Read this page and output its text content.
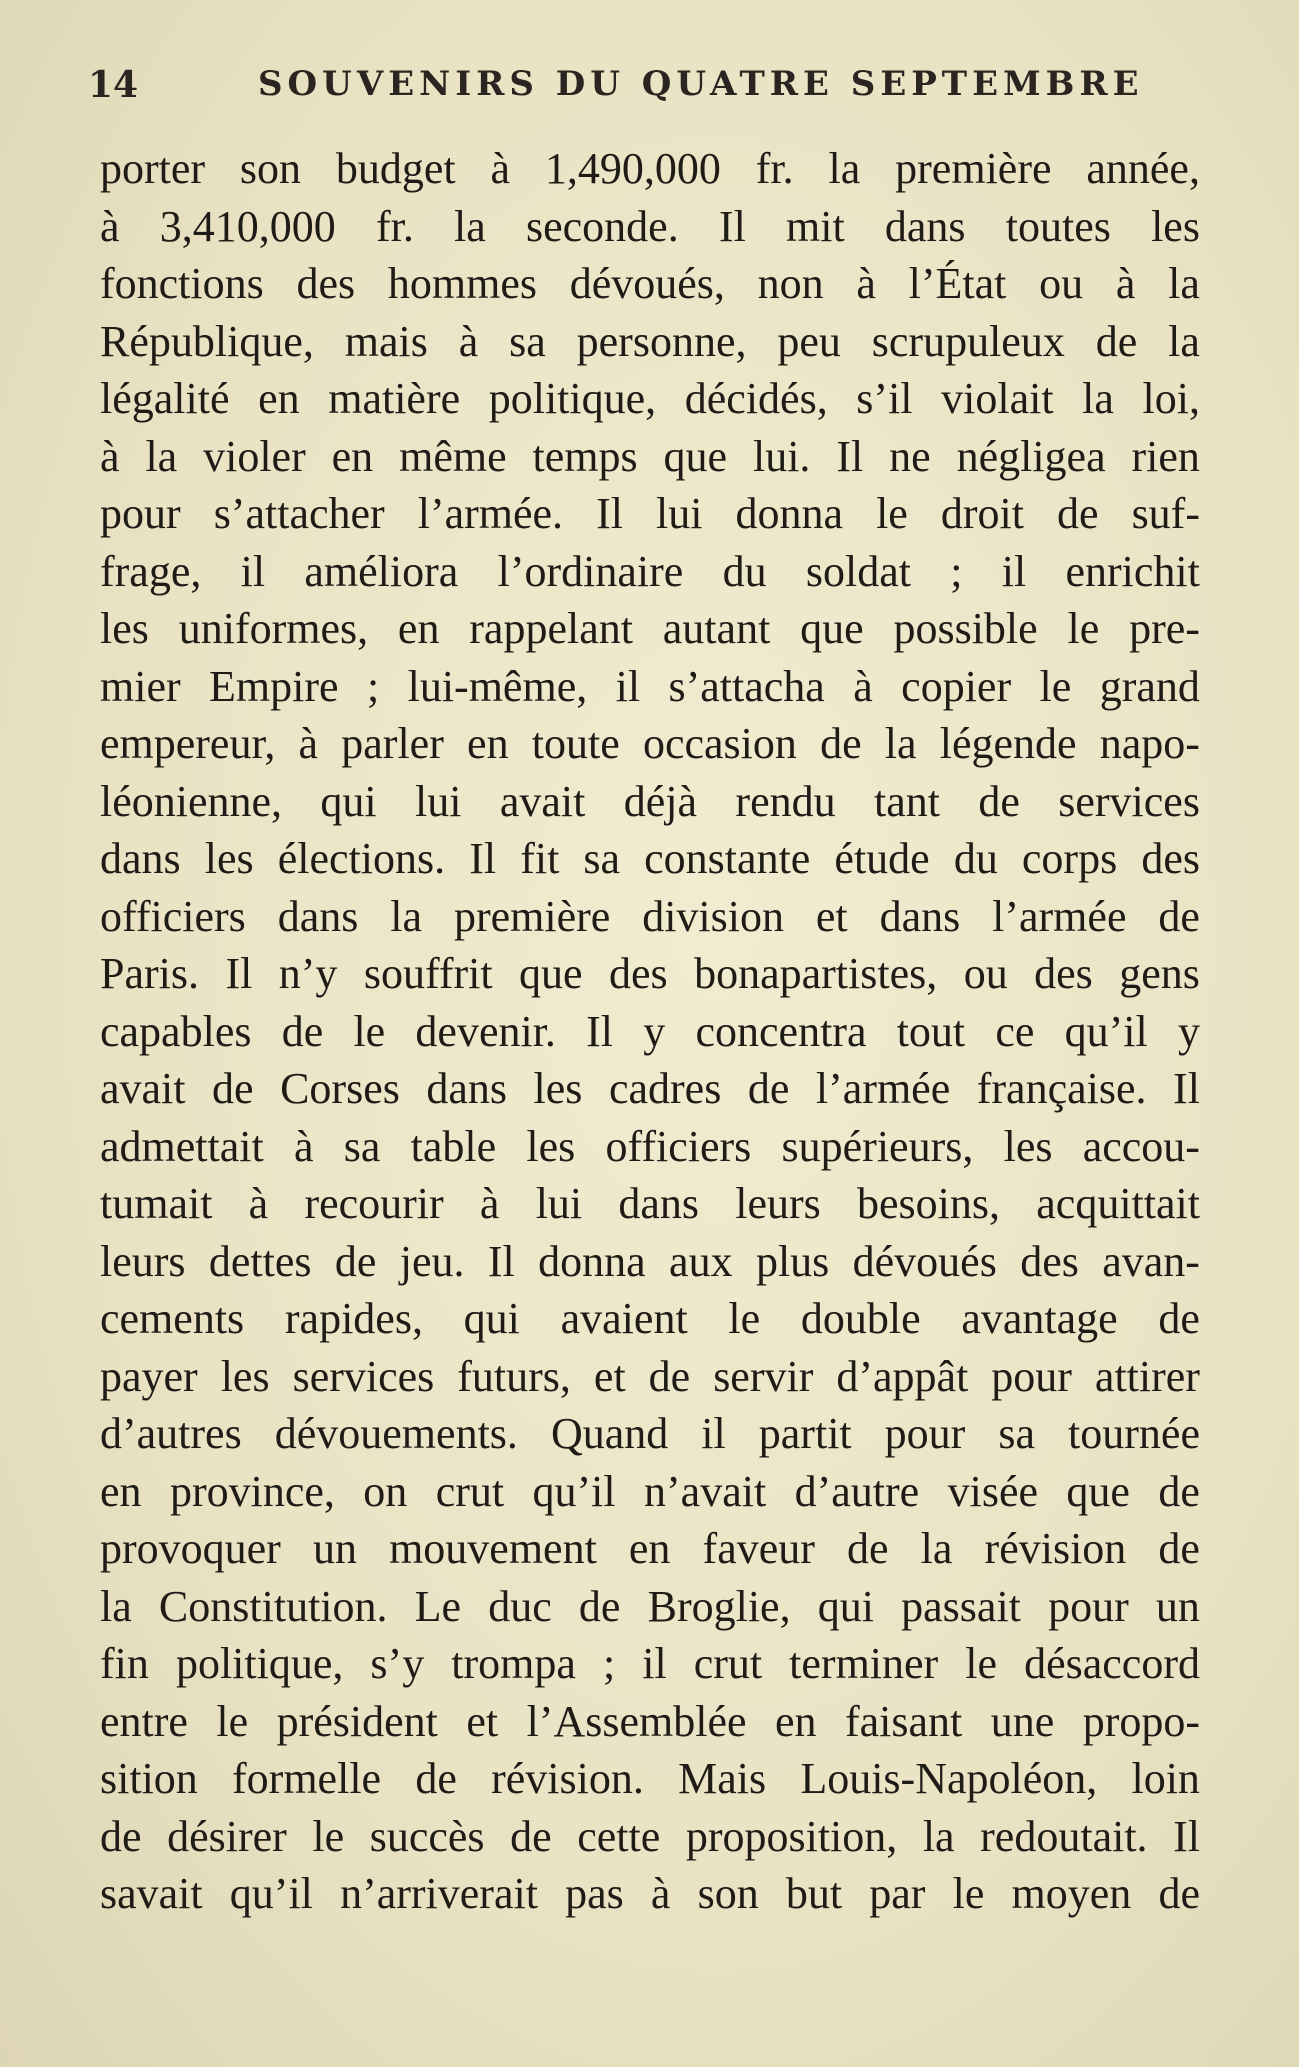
14	SOUVENIRS DU QUATRE SEPTEMBRE
porter son budget à 1,490,000 fr. la première année,
à 3,410,000 fr. la seconde. Il mit dans toutes les
fonctions des hommes dévoués, non à l’État ou à la
République, mais à sa personne, peu scrupuleux de la
légalité en matière politique, décidés, s’il violait la loi,
à la violer en même temps que lui. Il ne négligea rien
pour s’attacher l’armée. Il lui donna le droit de suf-
frage, il améliora l’ordinaire du soldat ; il enrichit
les uniformes, en rappelant autant que possible le pre-
mier Empire ; lui-même, il s’attacha à copier le grand
empereur, à parler en toute occasion de la légende napo-
léonienne, qui lui avait déjà rendu tant de services
dans les élections. Il fit sa constante étude du corps des
officiers dans la première division et dans l’armée de
Paris. Il n’y souffrit que des bonapartistes, ou des gens
capables de le devenir. Il y concentra tout ce qu’il y
avait de Corses dans les cadres de l’armée française. Il
admettait à sa table les officiers supérieurs, les accou-
tumait à recourir à lui dans leurs besoins, acquittait
leurs dettes de jeu. Il donna aux plus dévoués des avan-
cements rapides, qui avaient le double avantage de
payer les services futurs, et de servir d’appât pour attirer
d’autres dévouements. Quand il partit pour sa tournée
en province, on crut qu’il n’avait d’autre visée que de
provoquer un mouvement en faveur de la révision de
la Constitution. Le duc de Broglie, qui passait pour un
fin politique, s’y trompa ; il crut terminer le désaccord
entre le président et l’Assemblée en faisant une propo-
sition formelle de révision. Mais Louis-Napoléon, loin
de désirer le succès de cette proposition, la redoutait. Il
savait qu’il n’arriverait pas à son but par le moyen de
